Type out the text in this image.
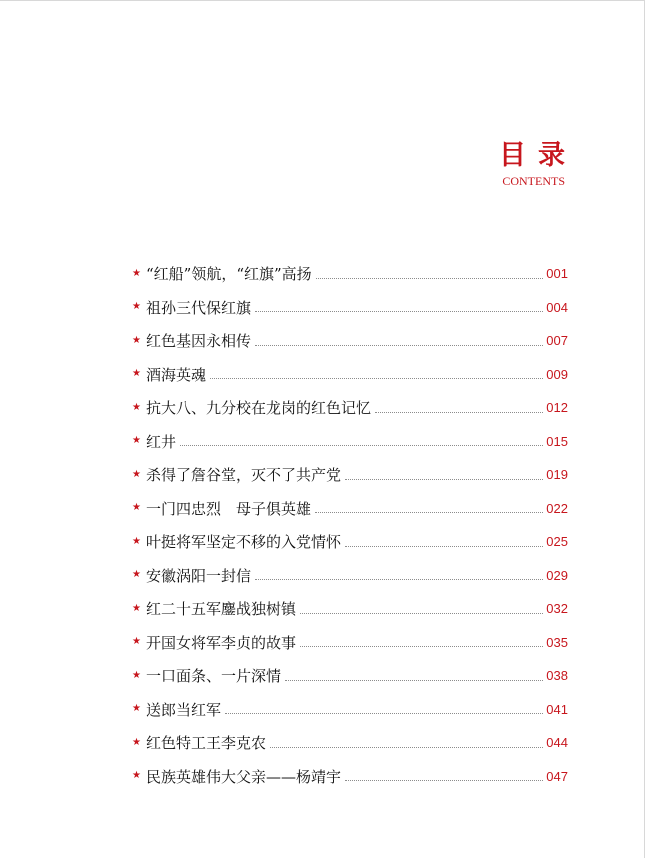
目录
CONTENTS
★ “红船”领航，“红旗”高扬	001
★ 祖孙三代保红旗	004
★ 红色基因永相传	007
★ 酒海英魂	009
★ 抗大八、九分校在龙岗的红色记忆	012
★ 红井	015
★ 杀得了詹谷堂，灭不了共产党	019
★ 一门四忠烈　母子俱英雄	022
★ 叶挺将军坚定不移的入党情怀	025
★ 安徽涡阳一封信	029
★ 红二十五军鏖战独树镇	032
★ 开国女将军李贞的故事	035
★ 一口面条、一片深情	038
★ 送郎当红军	041
★ 红色特工王李克农	044
★ 民族英雄伟大父亲——杨靖宇	047
